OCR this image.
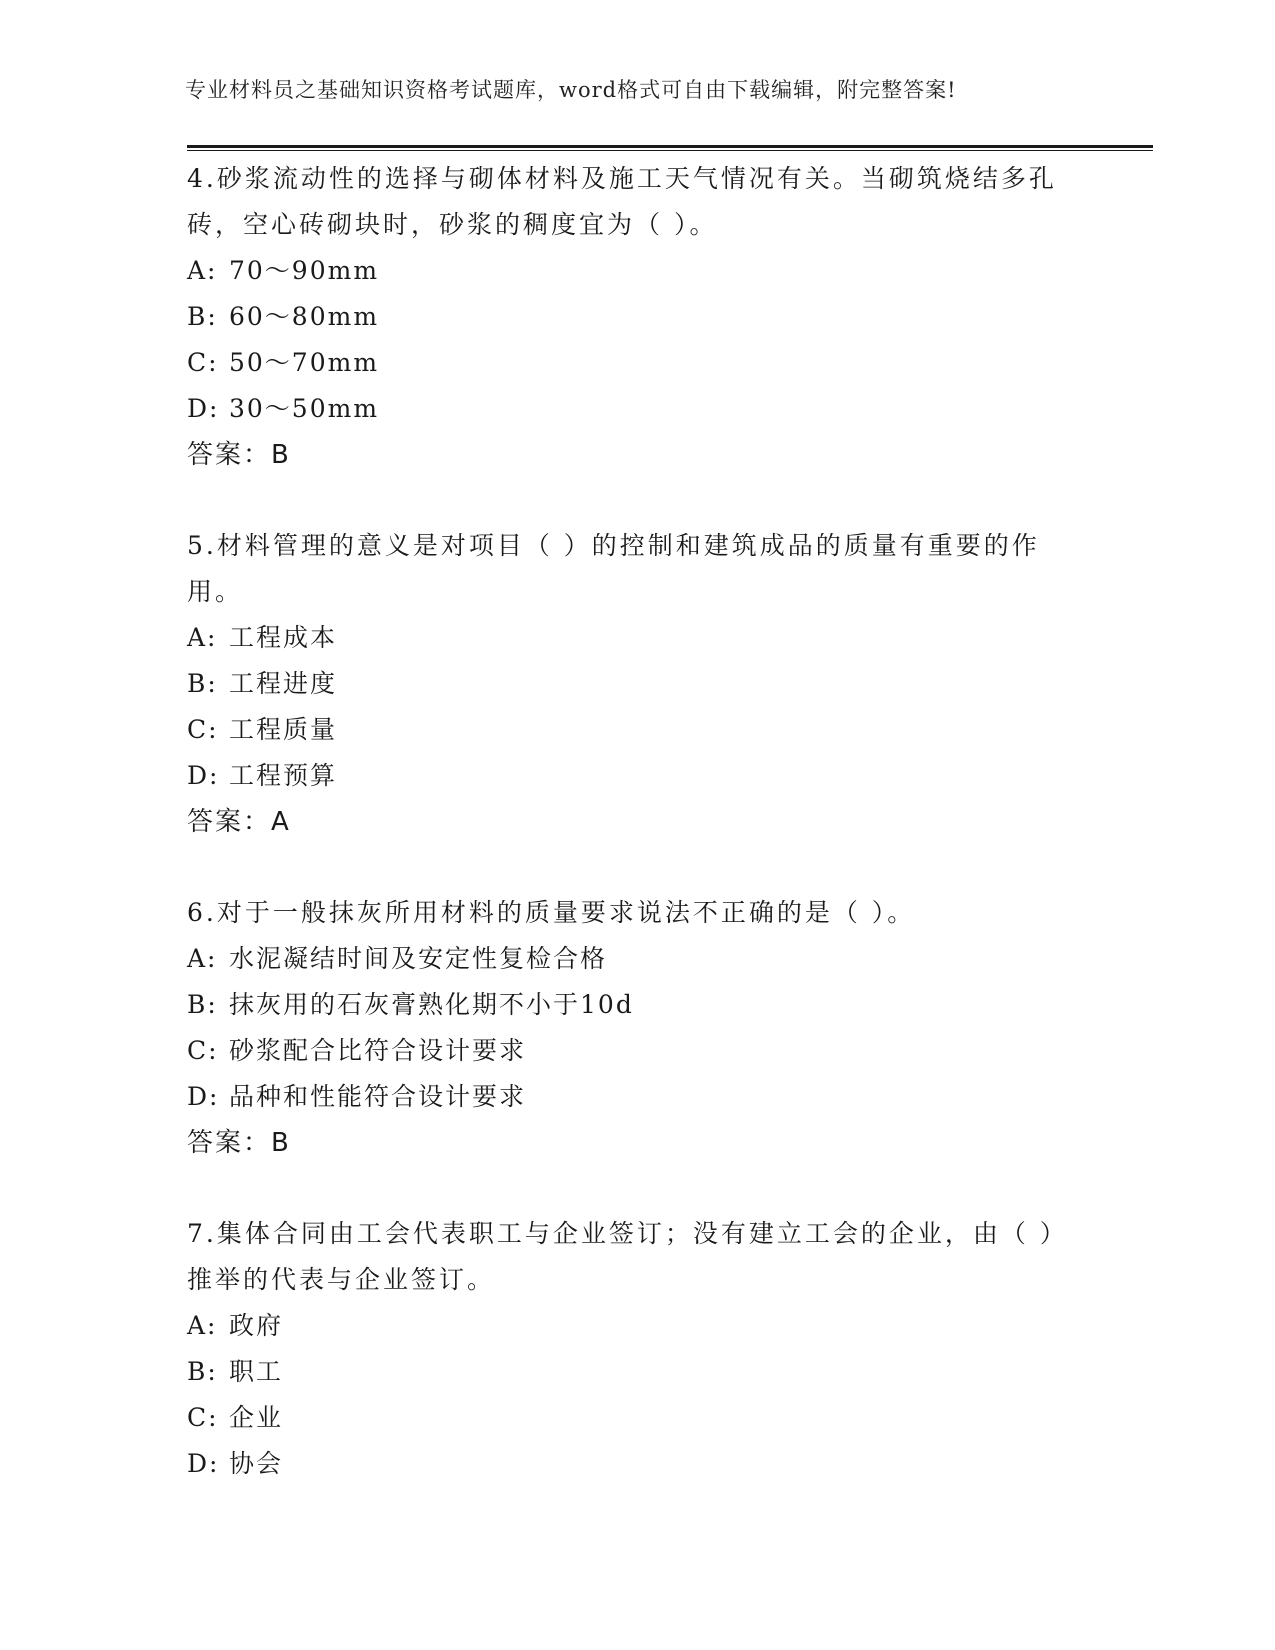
专业材料员之基础知识资格考试题库，word格式可自由下载编辑，附完整答案!

4.砂浆流动性的选择与砌体材料及施工天气情况有关。当砌筑烧结多孔砖，空心砖砌块时，砂浆的稠度宜为（ ）。

A: 70～90mm
B: 60～80mm
C: 50～70mm
D: 30～50mm
答案：B

5.材料管理的意义是对项目（ ）的控制和建筑成品的质量有重要的作用。

A: 工程成本
B: 工程进度
C: 工程质量
D: 工程预算
答案：A

6.对于一般抹灰所用材料的质量要求说法不正确的是（ ）。

A: 水泥凝结时间及安定性复检合格
B: 抹灰用的石灰膏熟化期不小于10d
C: 砂浆配合比符合设计要求
D: 品种和性能符合设计要求
答案：B

7.集体合同由工会代表职工与企业签订；没有建立工会的企业，由（ ）推举的代表与企业签订。

A: 政府
B: 职工
C: 企业
D: 协会
